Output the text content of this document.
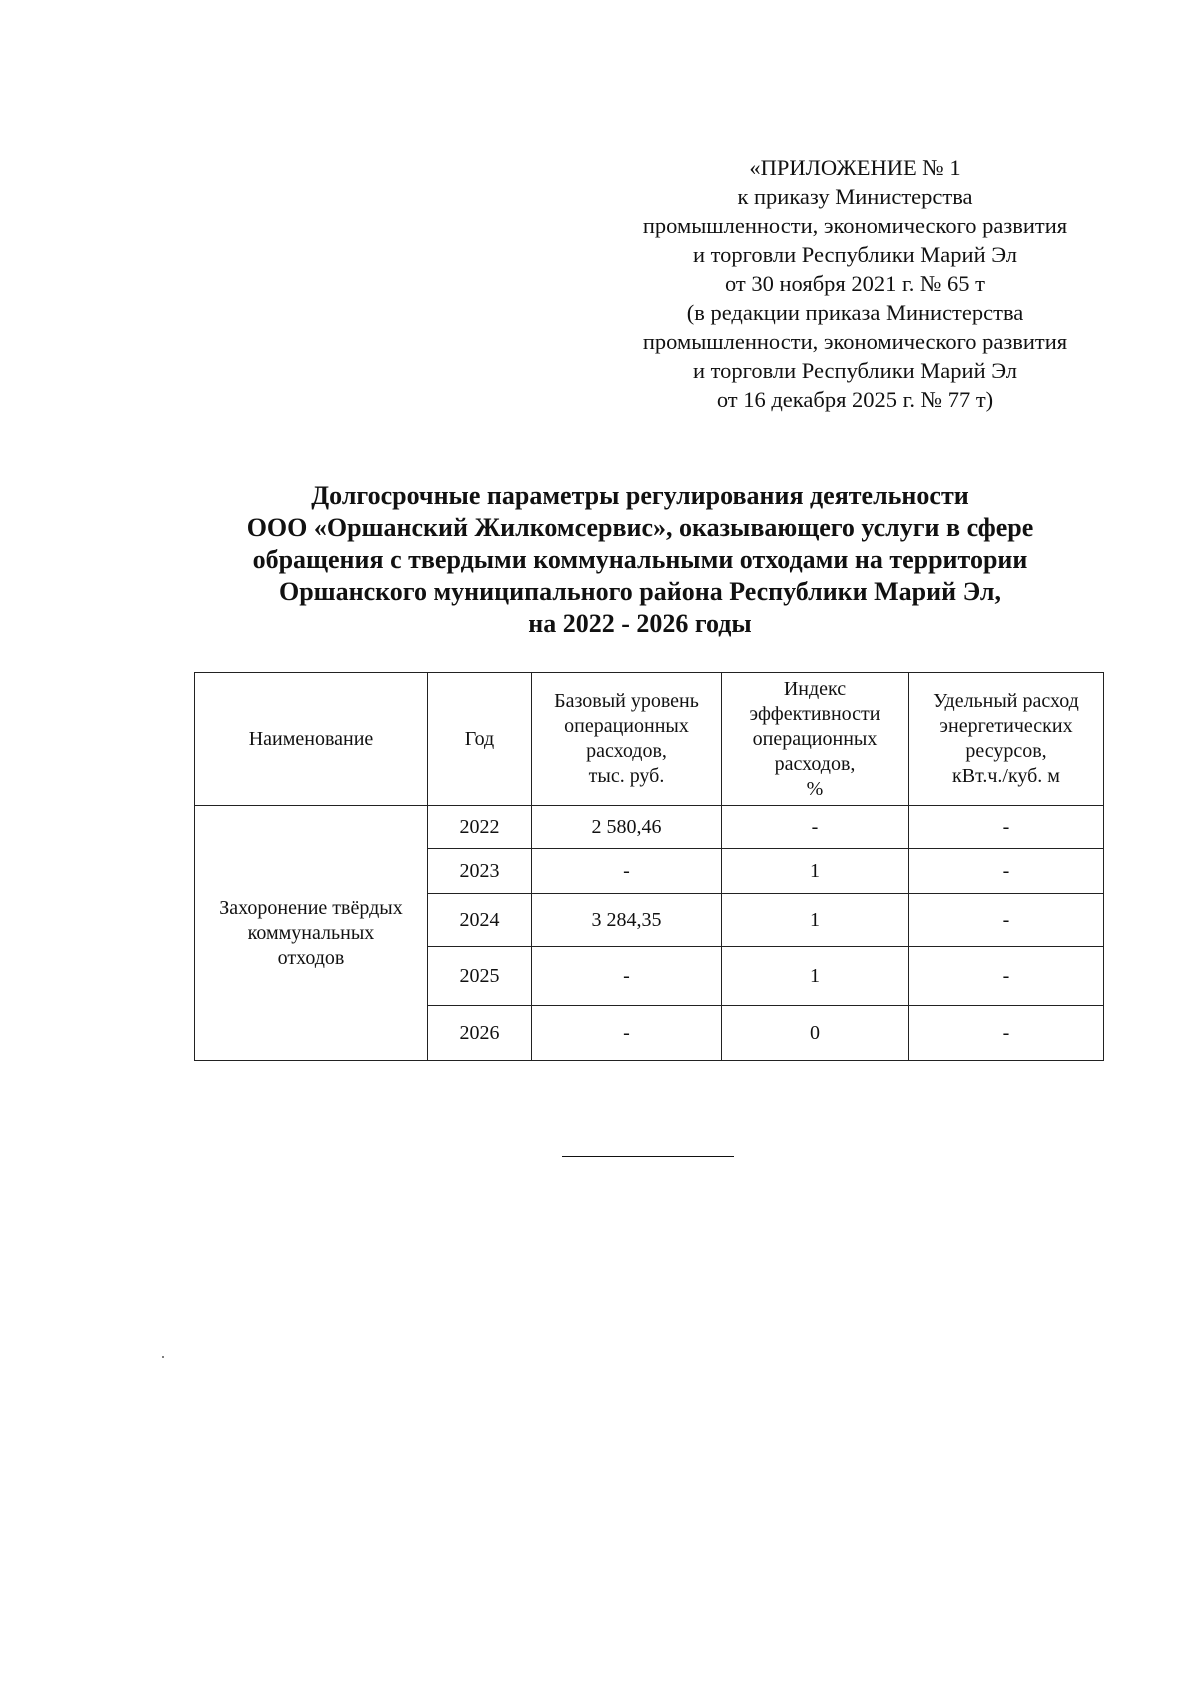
«ПРИЛОЖЕНИЕ № 1
к приказу Министерства
промышленности, экономического развития
и торговли Республики Марий Эл
от 30 ноября 2021 г. № 65 т
(в редакции приказа Министерства
промышленности, экономического развития
и торговли Республики Марий Эл
от 16 декабря 2025 г. № 77 т)
Долгосрочные параметры регулирования деятельности
ООО «Оршанский Жилкомсервис», оказывающего услуги в сфере
обращения с твердыми коммунальными отходами на территории
Оршанского муниципального района Республики Марий Эл,
на 2022 - 2026 годы
Наименование	Год	Базовый уровень
операционных
расходов,
тыс. руб.	Индекс
эффективности
операционных
расходов,
%	Удельный расход
энергетических
ресурсов,
кВт.ч./куб. м

Захоронение твёрдых
коммунальных
отходов	2022	2 580,46	-	-
	2023	-	1	-
	2024	3 284,35	1	-
	2025	-	1	-
	2026	-	0	-
